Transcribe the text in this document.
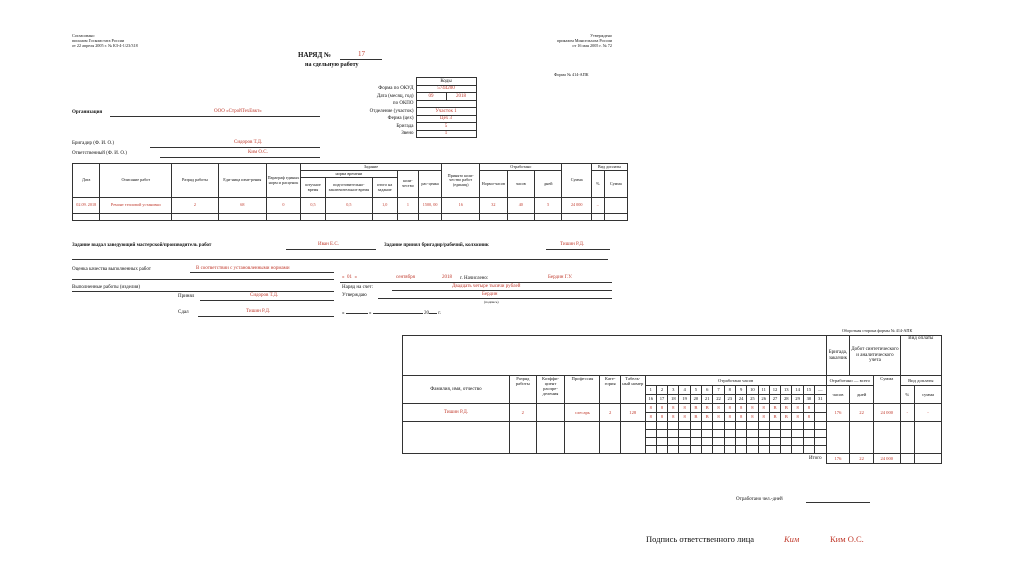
Согласовано
письмом Госкомстата России
от 22 апреля 2005 г. № КЗ-4-1/23/318
Утверждено
приказом Минсельхоза России
от 16 мая 2005 г. № 72
НАРЯД №	17
на сдельную работу
Форма № 414-АПК
	Коды	
Форма по ОКУД	5744200	
Дата (месяц, год)	09	2018
по ОКПО		
Отделение (участок)	Участок 1	
Ферма (цех)	Цех 3	
Бригада	5	
Звено	1	
Организация	ООО «СтройТехЕвкт»
Бригадир (Ф. И. О.)	Сидоров Т.Д.
Ответственный (Ф. И. О.)	Ким О.С.
Дата	Описание работ	Разряд работы	Еди-ница изме-рения	Параграф единых норм и расценок	Задание					Принято коли-чество работ (единиц)	Отработано			Сумма	Вид доплаты	
					норма времени			коли-чество	рас-ценка		Нормо-часов	часов	дней		%	Сумма
					штучное время	подготовительно-заключительное время	итого на задание									
02.09. 2018	Ремонт тепловой установки	2	68	0	0,5	0,5	1,0	1	1500, 00	16	32	40	5	24 000	–	

Задание выдал заведующий мастерской/производитель работ	Иван Е.С.	Задание принял бригадир/рабочий, колхозник	Тишин Р.Д.
Оценка качества выполненных работ	В соответствии с установленными нормами
Выполненные работы (изделия)
Принял	Сидоров Т.Д.
Сдал	Тишин Р.Д.
« 01 »	сентября	2018 г. Начислено:	Бердин Г.У.
Наряд на счет:	Двадцать четыре тысячи рублей
Утверждаю	Бердин
(подпись)
«	»	20 г.
Оборотная сторона формы № 414-АПК
																						Бригада, заказчик	Добот синтетического и аналитического учета		Вид оплаты	
Фамилия, имя, отчество	Разряд работы	Коэффи-циент распре-деления	Профессия	Кате-гория	Табель-ный номер	Отработано часов																Отработано — всего		Сумма	Вид доплаты	
						1	2	3	4	5	6	7	8	9	10	11	12	13	14	15	—	часов	дней		%	сумма
						16	17	18	19	20	21	22	23	24	25	26	27	28	29	30	31					
Тишин Р.Д.	2		слесарь	2	128	8	8	8	8	В	В	8	8	8	8	8	В	В	8	8		176	22	24 000	-	-
						8	8	8	8	В	В	8	8	8	8	8	В	В	8	8						

Итого																						176	22	24 000		
Отработано чел.-дней
Подпись ответственного лица	Ким	Ким О.С.
